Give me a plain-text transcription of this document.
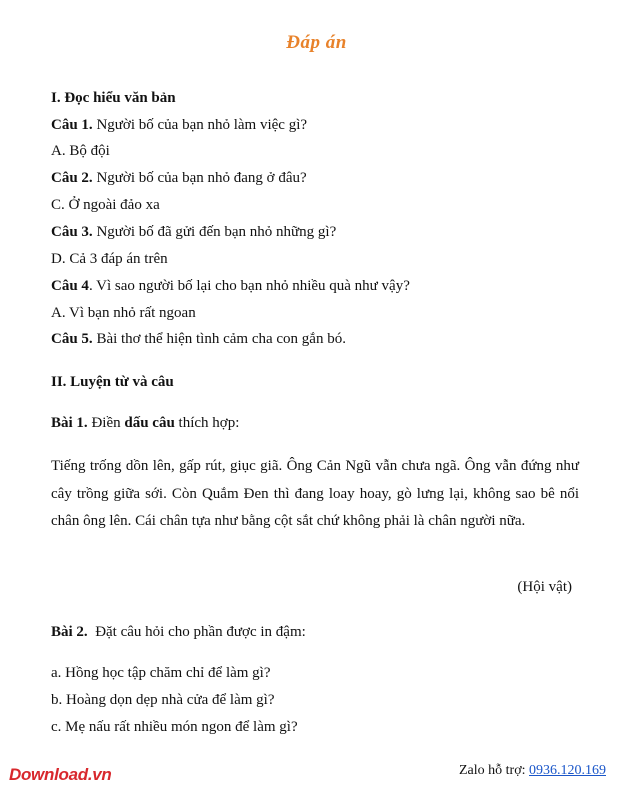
Đáp án
I. Đọc hiểu văn bản
Câu 1. Người bố của bạn nhỏ làm việc gì?
A. Bộ đội
Câu 2. Người bố của bạn nhỏ đang ở đâu?
C. Ở ngoài đảo xa
Câu 3. Người bố đã gửi đến bạn nhỏ những gì?
D. Cả 3 đáp án trên
Câu 4. Vì sao người bố lại cho bạn nhỏ nhiều quà như vậy?
A. Vì bạn nhỏ rất ngoan
Câu 5. Bài thơ thể hiện tình cảm cha con gắn bó.
II. Luyện từ và câu
Bài 1. Điền dấu câu thích hợp:
Tiếng trống dồn lên, gấp rút, giục giã. Ông Cản Ngũ vẫn chưa ngã. Ông vẫn đứng như cây trồng giữa sới. Còn Quắm Đen thì đang loay hoay, gò lưng lại, không sao bê nổi chân ông lên. Cái chân tựa như bằng cột sắt chứ không phải là chân người nữa.
(Hội vật)
Bài 2.  Đặt câu hỏi cho phần được in đậm:
a. Hồng học tập chăm chỉ để làm gì?
b. Hoàng dọn dẹp nhà cửa để làm gì?
c. Mẹ nấu rất nhiều món ngon để làm gì?
Download.vn	Zalo hỗ trợ: 0936.120.169
